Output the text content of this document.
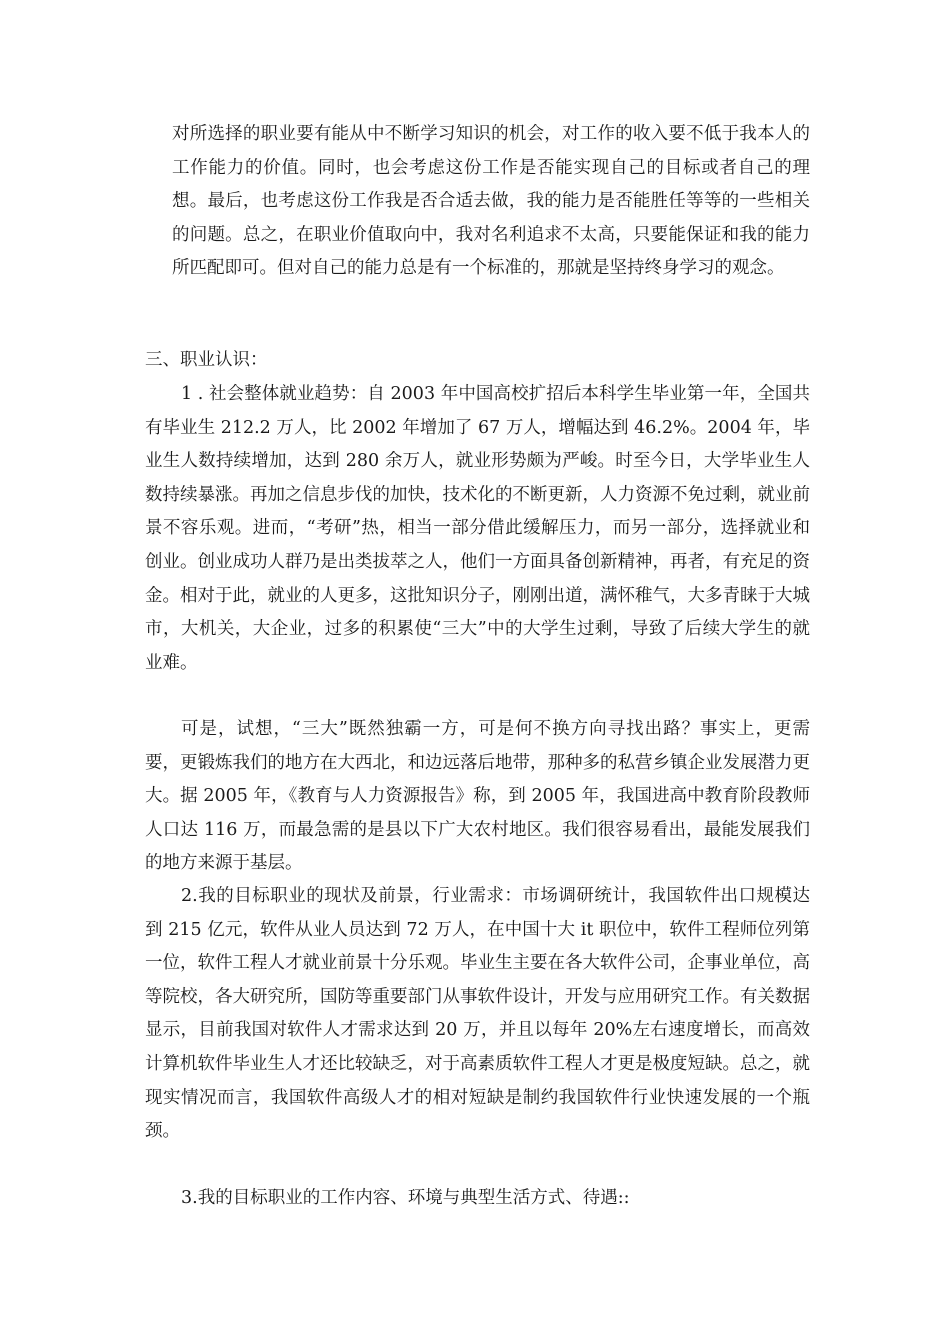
对所选择的职业要有能从中不断学习知识的机会，对工作的收入要不低于我本人的工作能力的价值。同时，也会考虑这份工作是否能实现自己的目标或者自己的理想。最后，也考虑这份工作我是否合适去做，我的能力是否能胜任等等的一些相关的问题。总之，在职业价值取向中，我对名利追求不太高，只要能保证和我的能力所匹配即可。但对自己的能力总是有一个标准的，那就是坚持终身学习的观念。

三、职业认识：

1 . 社会整体就业趋势：自 2003 年中国高校扩招后本科学生毕业第一年，全国共有毕业生 212.2 万人，比 2002 年增加了 67 万人，增幅达到 46.2%。2004 年，毕业生人数持续增加，达到 280 余万人，就业形势颇为严峻。时至今日，大学毕业生人数持续暴涨。再加之信息步伐的加快，技术化的不断更新，人力资源不免过剩，就业前景不容乐观。进而，“考研”热，相当一部分借此缓解压力，而另一部分，选择就业和创业。创业成功人群乃是出类拔萃之人，他们一方面具备创新精神，再者，有充足的资金。相对于此，就业的人更多，这批知识分子，刚刚出道，满怀稚气，大多青睐于大城市，大机关，大企业，过多的积累使“三大”中的大学生过剩，导致了后续大学生的就业难。

可是，试想，“三大”既然独霸一方，可是何不换方向寻找出路？事实上，更需要，更锻炼我们的地方在大西北，和边远落后地带，那种多的私营乡镇企业发展潜力更大。据 2005 年，《教育与人力资源报告》称，到 2005 年，我国进高中教育阶段教师人口达 116 万，而最急需的是县以下广大农村地区。我们很容易看出，最能发展我们的地方来源于基层。

2.我的目标职业的现状及前景，行业需求：市场调研统计，我国软件出口规模达到 215 亿元，软件从业人员达到 72 万人，在中国十大 it 职位中，软件工程师位列第一位，软件工程人才就业前景十分乐观。毕业生主要在各大软件公司，企事业单位，高等院校，各大研究所，国防等重要部门从事软件设计，开发与应用研究工作。有关数据显示，目前我国对软件人才需求达到 20 万，并且以每年 20%左右速度增长，而高效计算机软件毕业生人才还比较缺乏，对于高素质软件工程人才更是极度短缺。总之，就现实情况而言，我国软件高级人才的相对短缺是制约我国软件行业快速发展的一个瓶颈。

3.我的目标职业的工作内容、环境与典型生活方式、待遇::
